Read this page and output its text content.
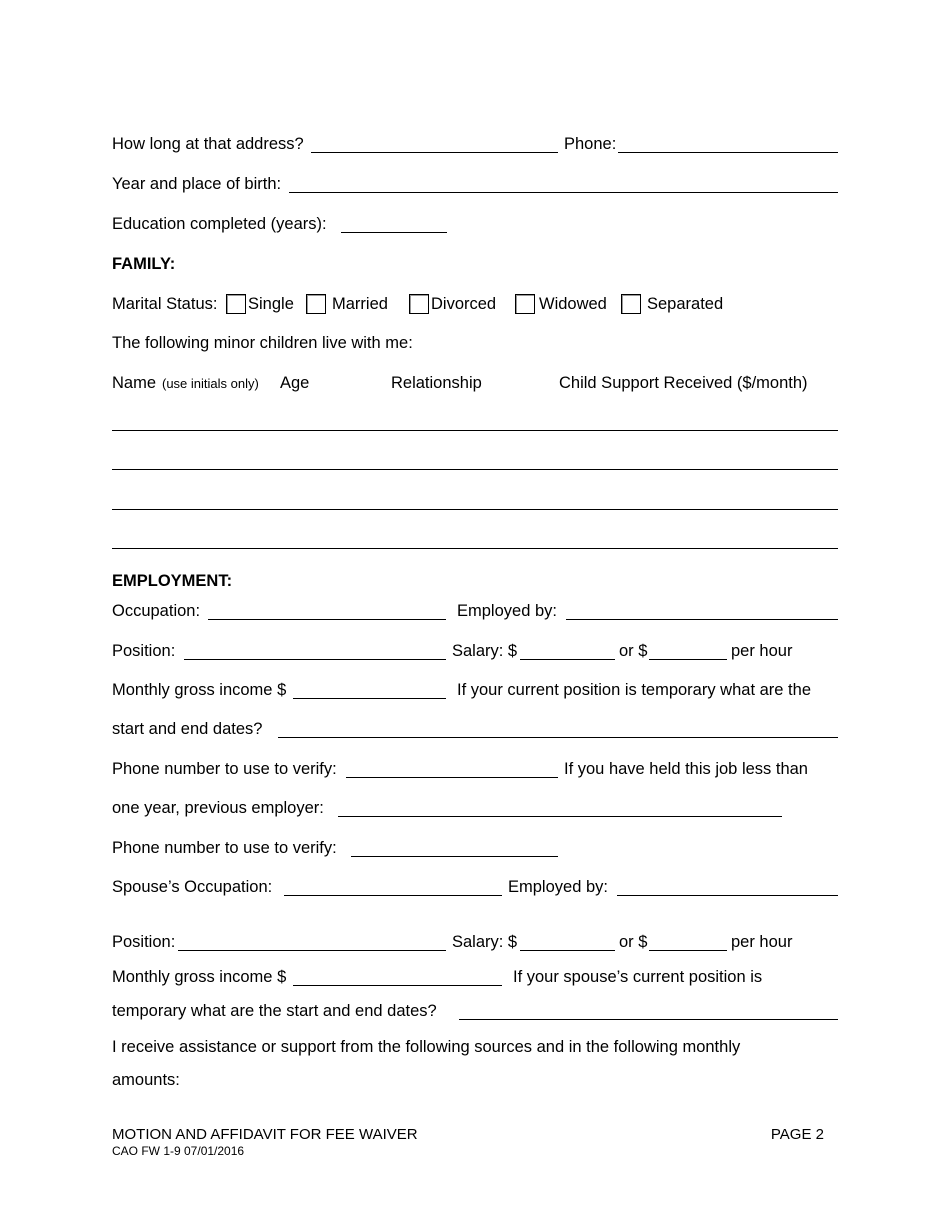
How long at that address?	Phone:
Year and place of birth:
Education completed (years):
FAMILY:
Marital Status: Single Married	Divorced	Widowed Separated
The following minor children live with me:
Name (use initials only) Age	Relationship	Child Support Received ($/month)
EMPLOYMENT:
Occupation:	Employed by:
Position:	Salary: $	or $	per hour
Monthly gross income $	If your current position is temporary what are the
start and end dates?
Phone number to use to verify:	If you have held this job less than
one year, previous employer:
Phone number to use to verify:
Spouse’s Occupation:	Employed by:
Position:	Salary: $	or $	per hour
Monthly gross income $	If your spouse’s current position is
temporary what are the start and end dates?
I receive assistance or support from the following sources and in the following monthly
amounts:
MOTION AND AFFIDAVIT FOR FEE WAIVER
CAO FW 1-9 07/01/2016
PAGE 2
